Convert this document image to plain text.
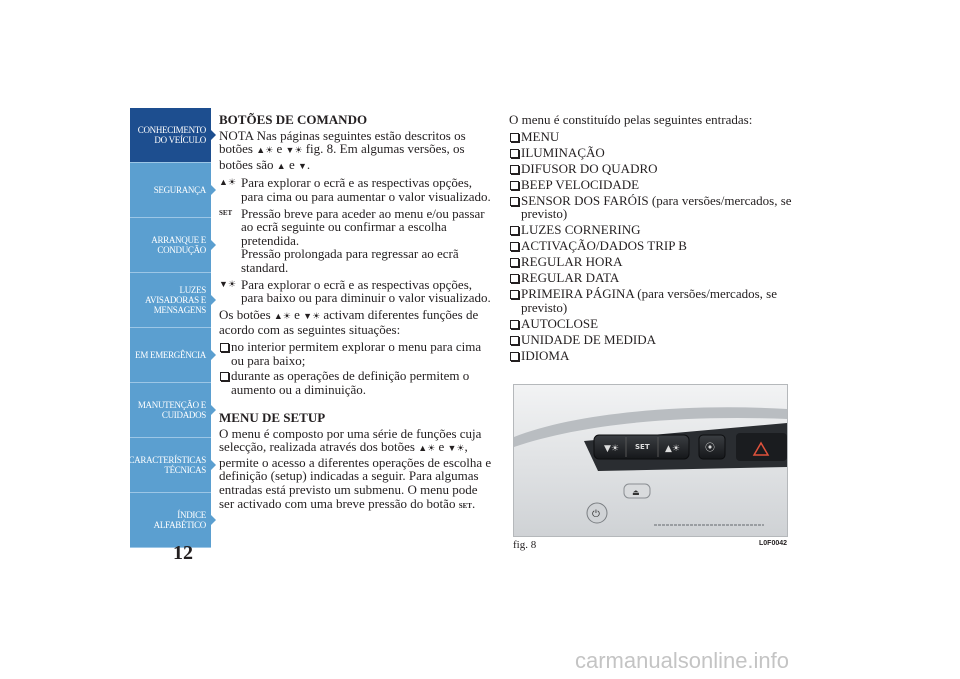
CONHECIMENTO
DO VEÍCULO
SEGURANÇA
ARRANQUE E
CONDUÇÃO
LUZES
AVISADORAS E
MENSAGENS
EM EMERGÊNCIA
MANUTENÇÃO E
CUIDADOS
CARACTERÍSTICAS
TÉCNICAS
ÍNDICE
ALFABÉTICO
12
BOTÕES DE COMANDO
NOTA Nas páginas seguintes estão descritos os botões ▲☀ e ▼☀ fig. 8. Em algumas versões, os botões são ▲ e ▼.
▲☀ Para explorar o ecrã e as respectivas opções, para cima ou para aumentar o valor visualizado.
SET Pressão breve para aceder ao menu e/ou passar ao ecrã seguinte ou confirmar a escolha pretendida.
Pressão prolongada para regressar ao ecrã standard.
▼☀ Para explorar o ecrã e as respectivas opções, para baixo ou para diminuir o valor visualizado.
Os botões ▲☀ e ▼☀ activam diferentes funções de acordo com as seguintes situações:
no interior permitem explorar o menu para cima ou para baixo;
durante as operações de definição permitem o aumento ou a diminuição.
MENU DE SETUP
O menu é composto por uma série de funções cuja selecção, realizada através dos botões ▲☀ e ▼☀, permite o acesso a diferentes operações de escolha e definição (setup) indicadas a seguir. Para algumas entradas está previsto um submenu. O menu pode ser activado com uma breve pressão do botão SET.
O menu é constituído pelas seguintes entradas:
MENU
ILUMINAÇÃO
DIFUSOR DO QUADRO
BEEP VELOCIDADE
SENSOR DOS FARÓIS (para versões/mercados, se previsto)
LUZES CORNERING
ACTIVAÇÃO/DADOS TRIP B
REGULAR HORA
REGULAR DATA
PRIMEIRA PÁGINA (para versões/mercados, se previsto)
AUTOCLOSE
UNIDADE DE MEDIDA
IDIOMA
▼☀ SET ▲☀	⦿
⏏
⏻
fig. 8	L0F0042
carmanualsonline.info
